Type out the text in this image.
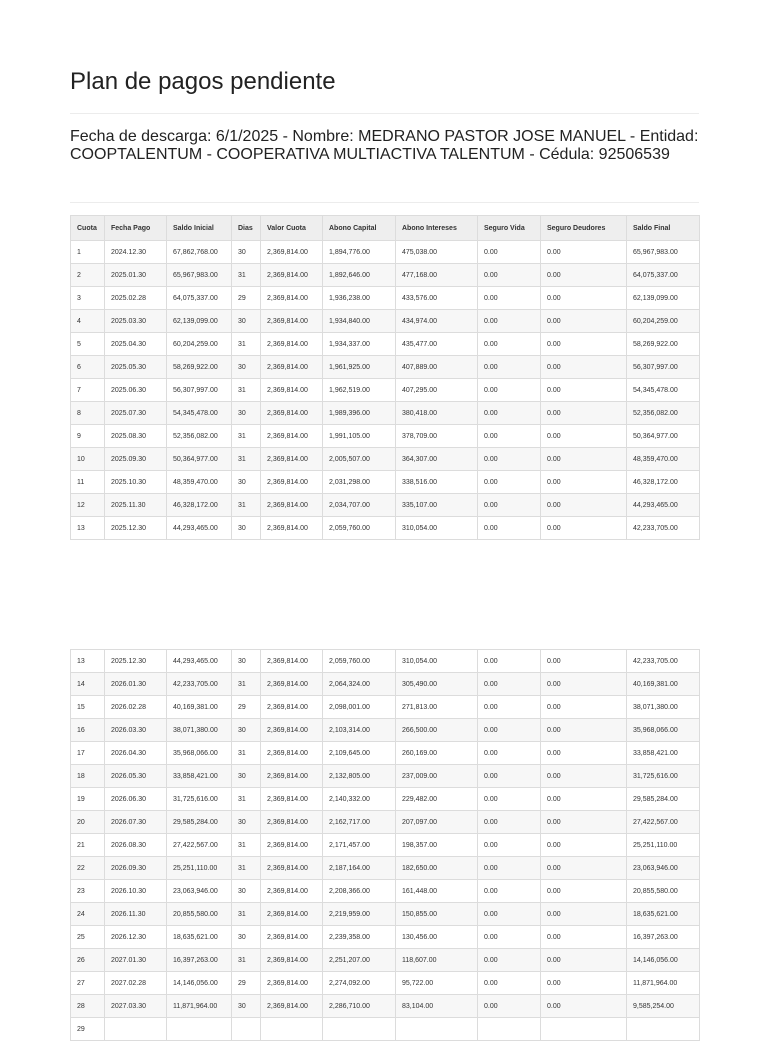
Plan de pagos pendiente

Fecha de descarga: 6/1/2025 - Nombre: MEDRANO PASTOR JOSE MANUEL - Entidad: COOPTALENTUM - COOPERATIVA MULTIACTIVA TALENTUM - Cédula: 92506539

Cuota	Fecha Pago	Saldo Inicial	Dias	Valor Cuota	Abono Capital	Abono Intereses	Seguro Vida	Seguro Deudores	Saldo Final
1	2024.12.30	67,862,768.00	30	2,369,814.00	1,894,776.00	475,038.00	0.00	0.00	65,967,983.00
2	2025.01.30	65,967,983.00	31	2,369,814.00	1,892,646.00	477,168.00	0.00	0.00	64,075,337.00
3	2025.02.28	64,075,337.00	29	2,369,814.00	1,936,238.00	433,576.00	0.00	0.00	62,139,099.00
4	2025.03.30	62,139,099.00	30	2,369,814.00	1,934,840.00	434,974.00	0.00	0.00	60,204,259.00
5	2025.04.30	60,204,259.00	31	2,369,814.00	1,934,337.00	435,477.00	0.00	0.00	58,269,922.00
6	2025.05.30	58,269,922.00	30	2,369,814.00	1,961,925.00	407,889.00	0.00	0.00	56,307,997.00
7	2025.06.30	56,307,997.00	31	2,369,814.00	1,962,519.00	407,295.00	0.00	0.00	54,345,478.00
8	2025.07.30	54,345,478.00	30	2,369,814.00	1,989,396.00	380,418.00	0.00	0.00	52,356,082.00
9	2025.08.30	52,356,082.00	31	2,369,814.00	1,991,105.00	378,709.00	0.00	0.00	50,364,977.00
10	2025.09.30	50,364,977.00	31	2,369,814.00	2,005,507.00	364,307.00	0.00	0.00	48,359,470.00
11	2025.10.30	48,359,470.00	30	2,369,814.00	2,031,298.00	338,516.00	0.00	0.00	46,328,172.00
12	2025.11.30	46,328,172.00	31	2,369,814.00	2,034,707.00	335,107.00	0.00	0.00	44,293,465.00
13	2025.12.30	44,293,465.00	30	2,369,814.00	2,059,760.00	310,054.00	0.00	0.00	42,233,705.00
13	2025.12.30	44,293,465.00	30	2,369,814.00	2,059,760.00	310,054.00	0.00	0.00	42,233,705.00
14	2026.01.30	42,233,705.00	31	2,369,814.00	2,064,324.00	305,490.00	0.00	0.00	40,169,381.00
15	2026.02.28	40,169,381.00	29	2,369,814.00	2,098,001.00	271,813.00	0.00	0.00	38,071,380.00
16	2026.03.30	38,071,380.00	30	2,369,814.00	2,103,314.00	266,500.00	0.00	0.00	35,968,066.00
17	2026.04.30	35,968,066.00	31	2,369,814.00	2,109,645.00	260,169.00	0.00	0.00	33,858,421.00
18	2026.05.30	33,858,421.00	30	2,369,814.00	2,132,805.00	237,009.00	0.00	0.00	31,725,616.00
19	2026.06.30	31,725,616.00	31	2,369,814.00	2,140,332.00	229,482.00	0.00	0.00	29,585,284.00
20	2026.07.30	29,585,284.00	30	2,369,814.00	2,162,717.00	207,097.00	0.00	0.00	27,422,567.00
21	2026.08.30	27,422,567.00	31	2,369,814.00	2,171,457.00	198,357.00	0.00	0.00	25,251,110.00
22	2026.09.30	25,251,110.00	31	2,369,814.00	2,187,164.00	182,650.00	0.00	0.00	23,063,946.00
23	2026.10.30	23,063,946.00	30	2,369,814.00	2,208,366.00	161,448.00	0.00	0.00	20,855,580.00
24	2026.11.30	20,855,580.00	31	2,369,814.00	2,219,959.00	150,855.00	0.00	0.00	18,635,621.00
25	2026.12.30	18,635,621.00	30	2,369,814.00	2,239,358.00	130,456.00	0.00	0.00	16,397,263.00
26	2027.01.30	16,397,263.00	31	2,369,814.00	2,251,207.00	118,607.00	0.00	0.00	14,146,056.00
27	2027.02.28	14,146,056.00	29	2,369,814.00	2,274,092.00	95,722.00	0.00	0.00	11,871,964.00
28	2027.03.30	11,871,964.00	30	2,369,814.00	2,286,710.00	83,104.00	0.00	0.00	9,585,254.00
29									
